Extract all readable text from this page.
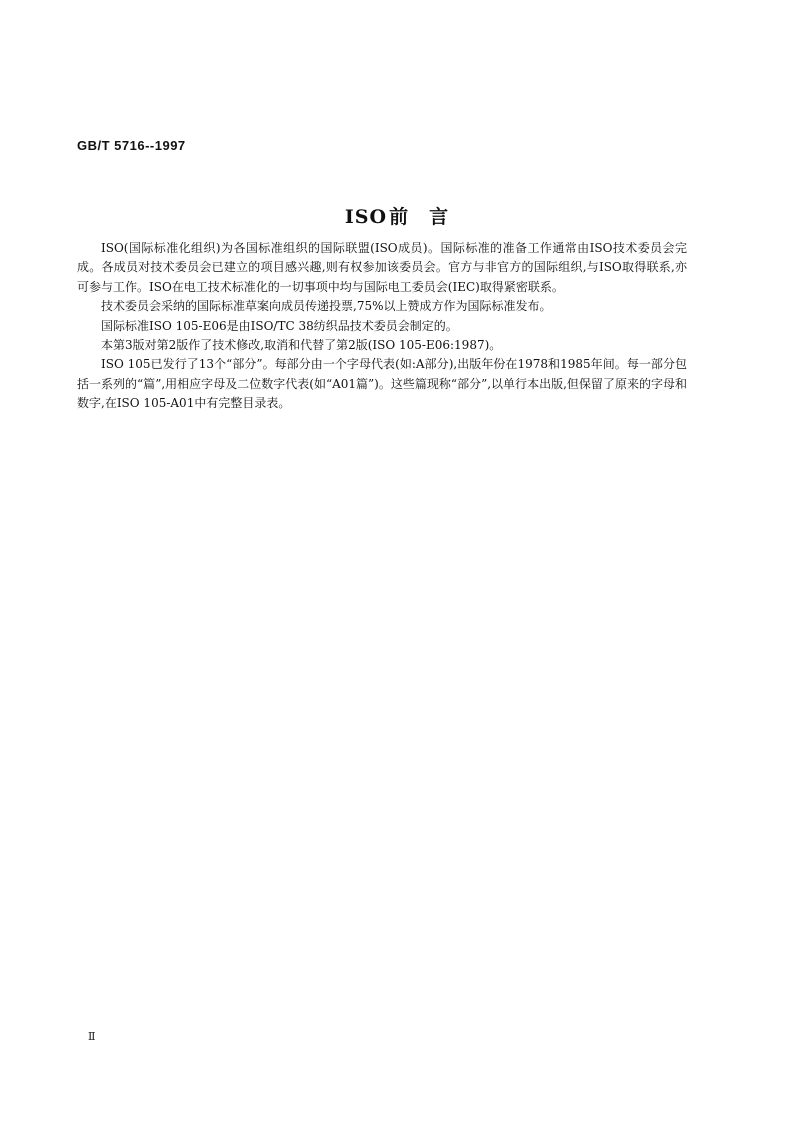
GB/T 5716--1997
ISO 前 言

ISO(国际标准化组织)为各国标准组织的国际联盟(ISO成员)。国际标准的准备工作通常由ISO技术委员会完成。各成员对技术委员会已建立的项目感兴趣,则有权参加该委员会。官方与非官方的国际组织,与ISO取得联系,亦可参与工作。ISO在电工技术标准化的一切事项中均与国际电工委员会(IEC)取得紧密联系。

技术委员会采纳的国际标准草案向成员传递投票,75%以上赞成方作为国际标准发布。

国际标准ISO 105-E06是由ISO/TC 38纺织品技术委员会制定的。

本第3版对第2版作了技术修改,取消和代替了第2版(ISO 105-E06:1987)。

ISO 105已发行了13个“部分”。每部分由一个字母代表(如:A部分),出版年份在1978和1985年间。每一部分包括一系列的“篇”,用相应字母及二位数字代表(如“A01篇”)。这些篇现称“部分”,以单行本出版,但保留了原来的字母和数字,在ISO 105-A01中有完整目录表。

Ⅱ
